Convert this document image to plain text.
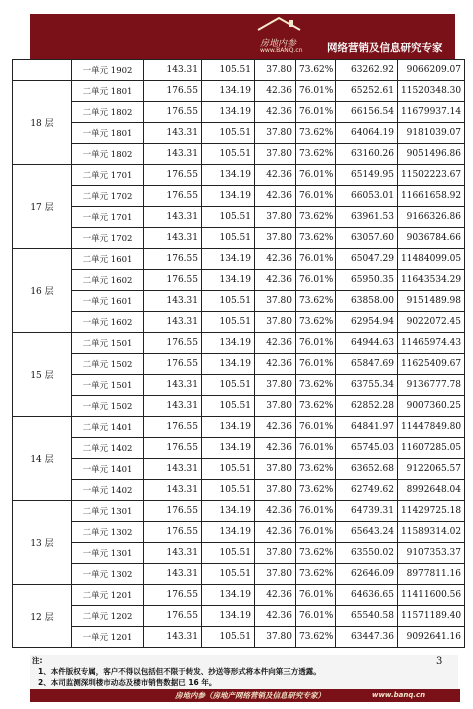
房地内参
www.BANQ.cn 网络营销及信息研究专家
	一单元 1902	143.31	105.51	37.80	73.62%	63262.92	9066209.07
18 层	二单元 1801	176.55	134.19	42.36	76.01%	65252.61	11520348.30
	二单元 1802	176.55	134.19	42.36	76.01%	66156.54	11679937.14
	一单元 1801	143.31	105.51	37.80	73.62%	64064.19	9181039.07
	一单元 1802	143.31	105.51	37.80	73.62%	63160.26	9051496.86
17 层	二单元 1701	176.55	134.19	42.36	76.01%	65149.95	11502223.67
	二单元 1702	176.55	134.19	42.36	76.01%	66053.01	11661658.92
	一单元 1701	143.31	105.51	37.80	73.62%	63961.53	9166326.86
	一单元 1702	143.31	105.51	37.80	73.62%	63057.60	9036784.66
16 层	二单元 1601	176.55	134.19	42.36	76.01%	65047.29	11484099.05
	二单元 1602	176.55	134.19	42.36	76.01%	65950.35	11643534.29
	一单元 1601	143.31	105.51	37.80	73.62%	63858.00	9151489.98
	一单元 1602	143.31	105.51	37.80	73.62%	62954.94	9022072.45
15 层	二单元 1501	176.55	134.19	42.36	76.01%	64944.63	11465974.43
	二单元 1502	176.55	134.19	42.36	76.01%	65847.69	11625409.67
	一单元 1501	143.31	105.51	37.80	73.62%	63755.34	9136777.78
	一单元 1502	143.31	105.51	37.80	73.62%	62852.28	9007360.25
14 层	二单元 1401	176.55	134.19	42.36	76.01%	64841.97	11447849.80
	二单元 1402	176.55	134.19	42.36	76.01%	65745.03	11607285.05
	一单元 1401	143.31	105.51	37.80	73.62%	63652.68	9122065.57
	一单元 1402	143.31	105.51	37.80	73.62%	62749.62	8992648.04
13 层	二单元 1301	176.55	134.19	42.36	76.01%	64739.31	11429725.18
	二单元 1302	176.55	134.19	42.36	76.01%	65643.24	11589314.02
	一单元 1301	143.31	105.51	37.80	73.62%	63550.02	9107353.37
	一单元 1302	143.31	105.51	37.80	73.62%	62646.09	8977811.16
12 层	二单元 1201	176.55	134.19	42.36	76.01%	64636.65	11411600.56
	二单元 1202	176.55	134.19	42.36	76.01%	65540.58	11571189.40
	一单元 1201	143.31	105.51	37.80	73.62%	63447.36	9092641.16
注:
1、本件版权专属，客户不得以包括但不限于转发、抄送等形式将本件向第三方透露。
2、本司监测深圳楼市动态及楼市销售数据已 16 年。
3
房地内参（房地产网络营销及信息研究专家）	www.banq.cn
